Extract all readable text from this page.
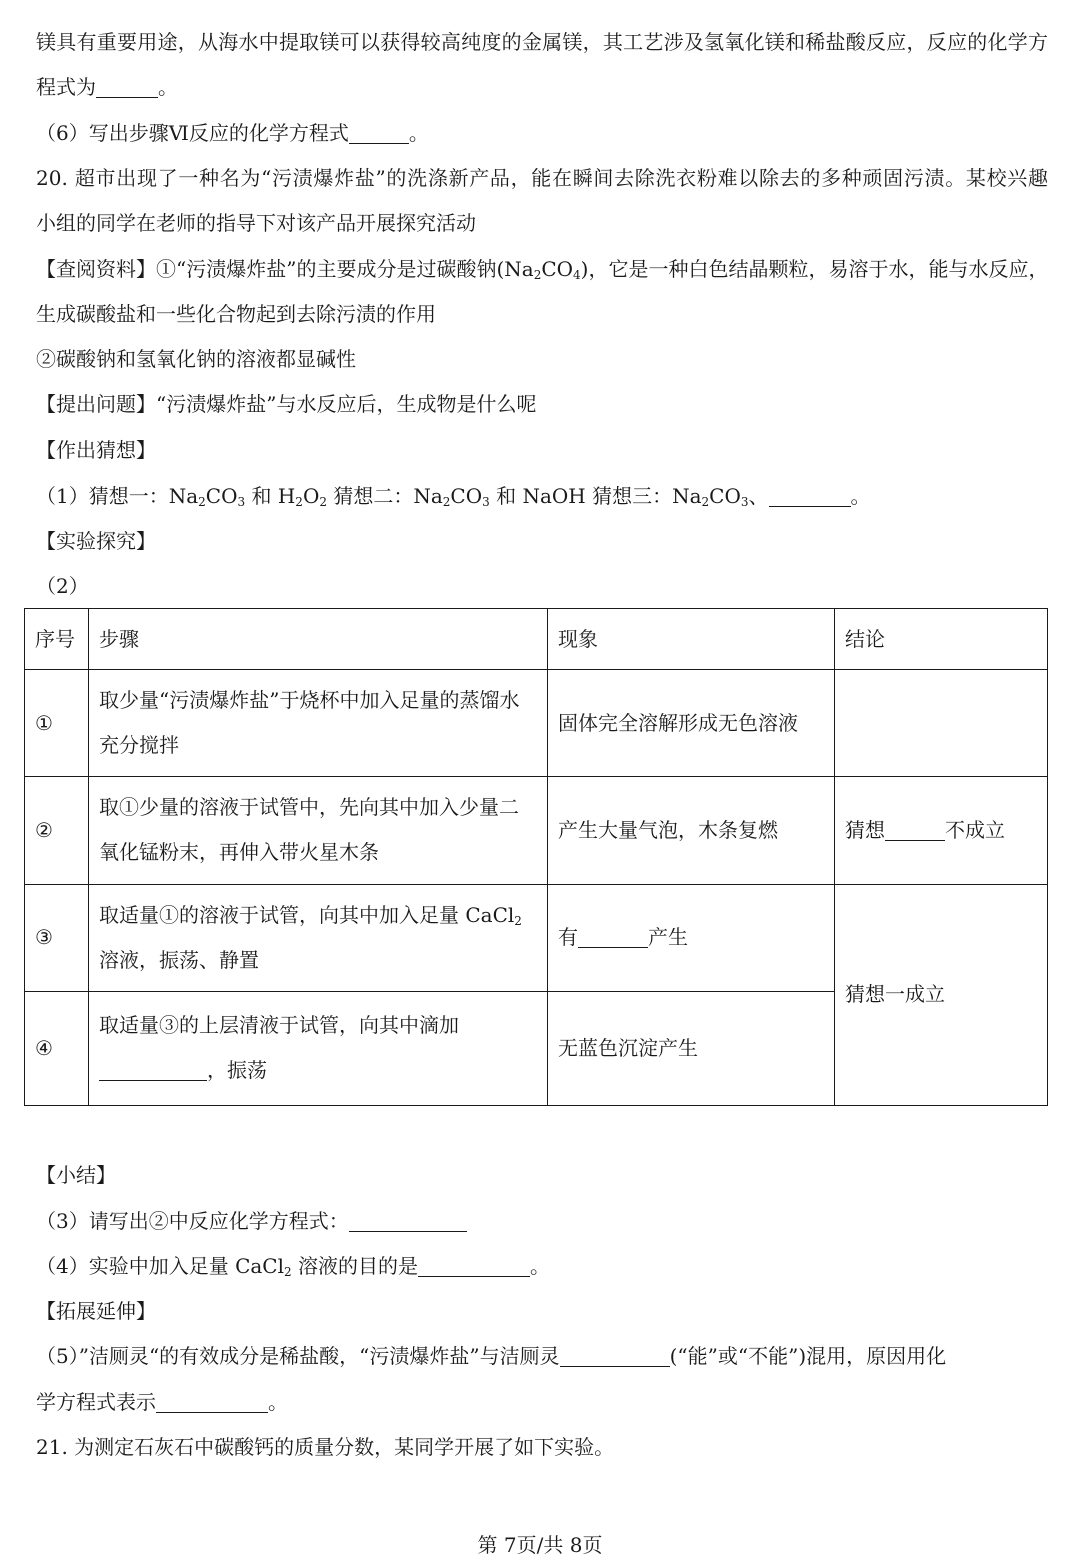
镁具有重要用途，从海水中提取镁可以获得较高纯度的金属镁，其工艺涉及氢氧化镁和稀盐酸反应，反应的化学方
程式为	。
（6）写出步骤Ⅵ反应的化学方程式	。
20. 超市出现了一种名为“污渍爆炸盐”的洗涤新产品，能在瞬间去除洗衣粉难以除去的多种顽固污渍。某校兴趣
小组的同学在老师的指导下对该产品开展探究活动
【查阅资料】①“污渍爆炸盐”的主要成分是过碳酸钠$(Na_2CO_4)$，它是一种白色结晶颗粒，易溶于水，能与水反应，
生成碳酸盐和一些化合物起到去除污渍的作用
②碳酸钠和氢氧化钠的溶液都显碱性
【提出问题】“污渍爆炸盐”与水反应后，生成物是什么呢
【作出猜想】
（1）猜想一：$Na_2CO_3$ 和 $H_2O_2$ 猜想二：$Na_2CO_3$ 和 NaOH 猜想三：$Na_2CO_3$、	。
【实验探究】
（2）
序号	步骤	现象	结论
①	取少量“污渍爆炸盐”于烧杯中加入足量的蒸馏水充分搅拌	固体完全溶解形成无色溶液	
②	取①少量的溶液于试管中，先向其中加入少量二氧化锰粉末，再伸入带火星木条	产生大量气泡，木条复燃	猜想 不成立
③	取适量①的溶液于试管，向其中加入足量 CaCl$_2$
溶液，振荡、静置	有 产生	猜想一成立
④	取适量③的上层清液于试管，向其中滴加
，振荡	无蓝色沉淀产生	
【小结】
（3）请写出②中反应化学方程式：
（4）实验中加入足量 CaCl$_2$ 溶液的目的是	。
【拓展延伸】
（5）”洁厕灵“的有效成分是稀盐酸，“污渍爆炸盐”与洁厕灵	(“能”或“不能”)混用，原因用化
学方程式表示	。
21. 为测定石灰石中碳酸钙的质量分数，某同学开展了如下实验。
第 7页/共 8页
